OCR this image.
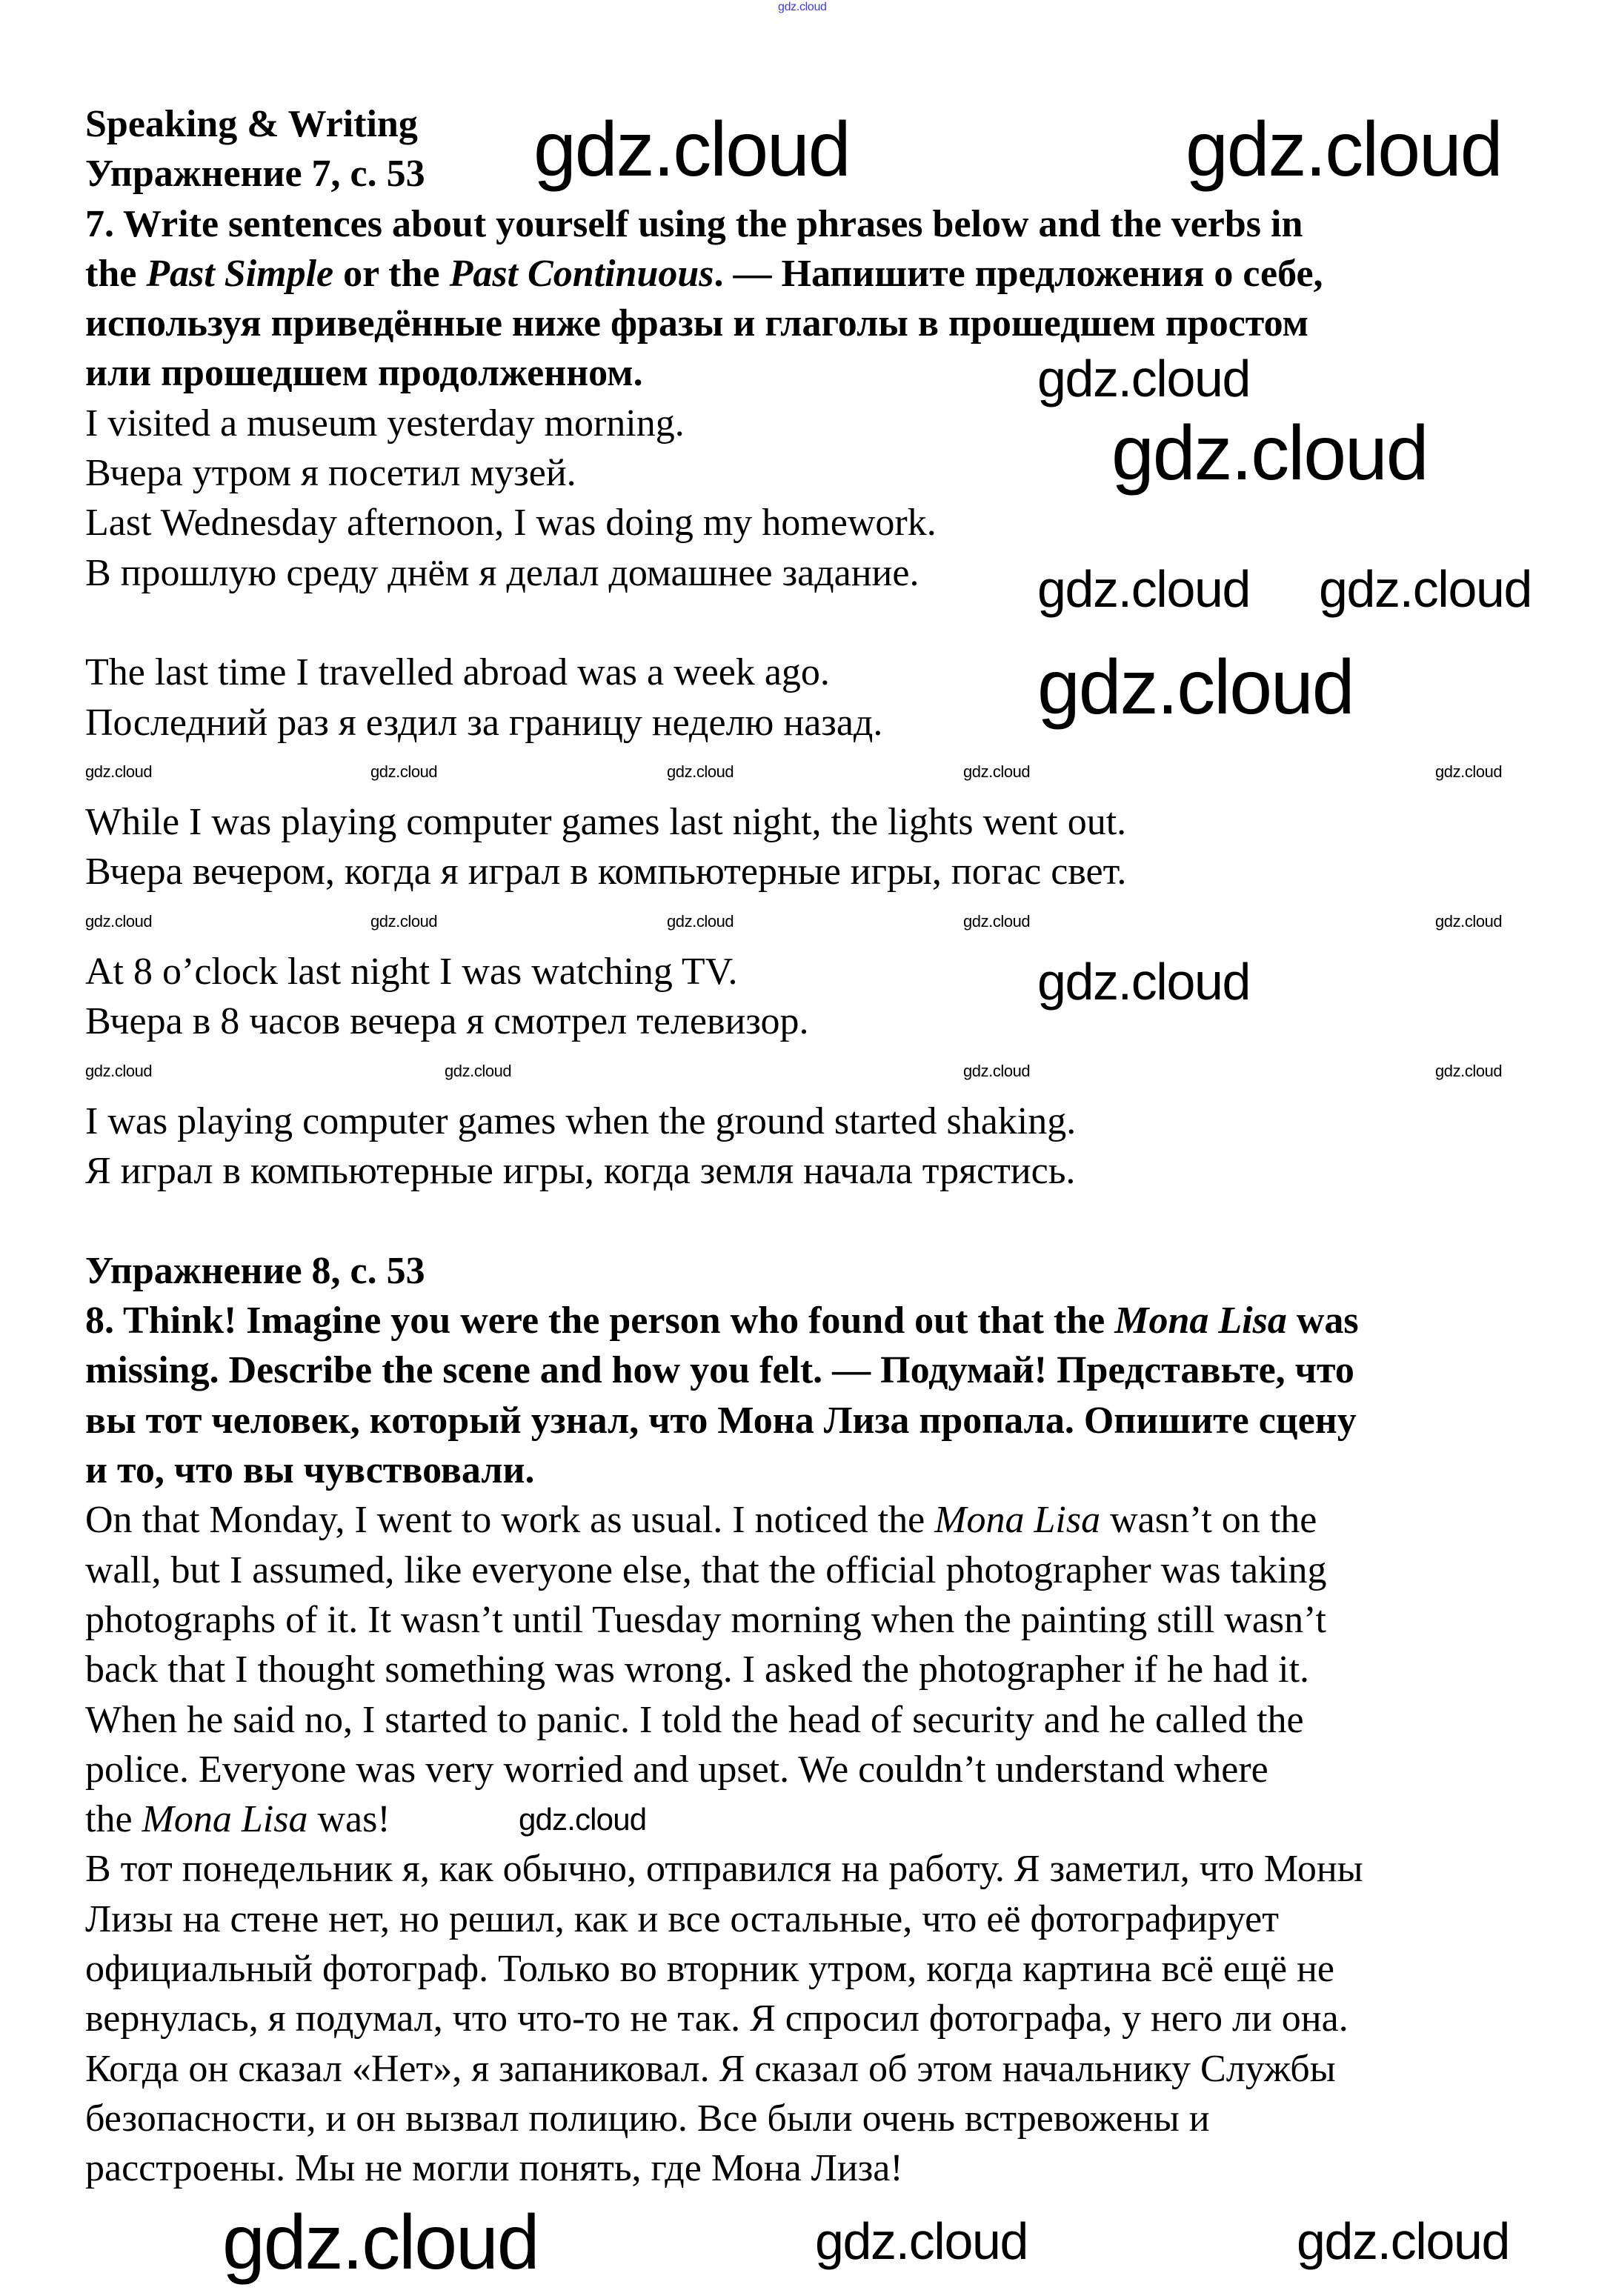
Speaking & Writing
Упражнение 7, с. 53
7. Write sentences about yourself using the phrases below and the verbs in
the Past Simple or the Past Continuous. — Напишите предложения о себе,
используя приведённые ниже фразы и глаголы в прошедшем простом
или прошедшем продолженном.
I visited a museum yesterday morning.
Вчера утром я посетил музей.
Last Wednesday afternoon, I was doing my homework.
В прошлую среду днём я делал домашнее задание.
The last time I travelled abroad was a week ago.
Последний раз я ездил за границу неделю назад.
While I was playing computer games last night, the lights went out.
Вчера вечером, когда я играл в компьютерные игры, погас свет.
At 8 o’clock last night I was watching TV.
Вчера в 8 часов вечера я смотрел телевизор.
I was playing computer games when the ground started shaking.
Я играл в компьютерные игры, когда земля начала трястись.
Упражнение 8, с. 53
8. Think! Imagine you were the person who found out that the Mona Lisa was
missing. Describe the scene and how you felt. — Подумай! Представьте, что
вы тот человек, который узнал, что Мона Лиза пропала. Опишите сцену
и то, что вы чувствовали.
On that Monday, I went to work as usual. I noticed the Mona Lisa wasn’t on the
wall, but I assumed, like everyone else, that the official photographer was taking
photographs of it. It wasn’t until Tuesday morning when the painting still wasn’t
back that I thought something was wrong. I asked the photographer if he had it.
When he said no, I started to panic. I told the head of security and he called the
police. Everyone was very worried and upset. We couldn’t understand where
the Mona Lisa was!
В тот понедельник я, как обычно, отправился на работу. Я заметил, что Моны
Лизы на стене нет, но решил, как и все остальные, что её фотографирует
официальный фотограф. Только во вторник утром, когда картина всё ещё не
вернулась, я подумал, что что-то не так. Я спросил фотографа, у него ли она.
Когда он сказал «Нет», я запаниковал. Я сказал об этом начальнику Службы
безопасности, и он вызвал полицию. Все были очень встревожены и
расстроены. Мы не могли понять, где Мона Лиза!
gdz.cloud
gdz.cloud	gdz.cloud
gdz.cloud
gdz.cloud
gdz.cloud gdz.cloud
gdz.cloud
gdz.cloud
gdz.cloud
gdz.cloud	gdz.cloud	gdz.cloud
gdz.cloud	gdz.cloud	gdz.cloud	gdz.cloud	gdz.cloud
gdz.cloud	gdz.cloud	gdz.cloud	gdz.cloud	gdz.cloud
gdz.cloud	gdz.cloud	gdz.cloud	gdz.cloud
